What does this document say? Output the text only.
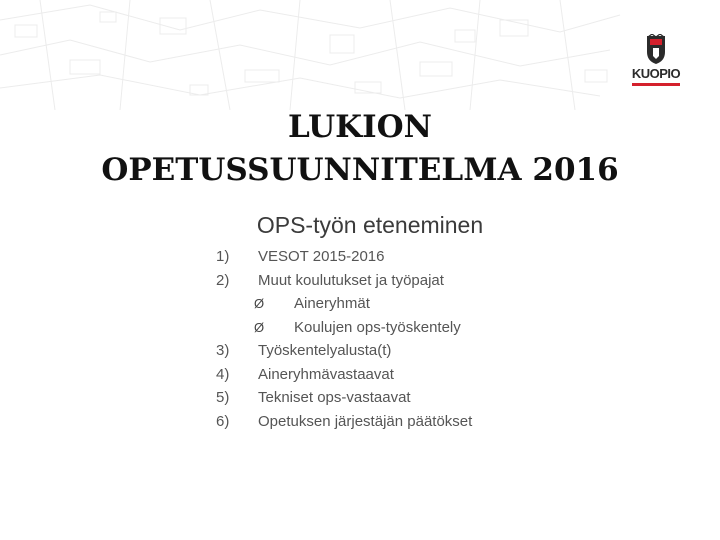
KUOPIO
LUKION
OPETUSSUUNNITELMA 2016
OPS-työn eteneminen
1) VESOT 2015-2016
2) Muut koulutukset ja työpajat
Ø Aineryhmät
Ø Koulujen ops-työskentely
3) Työskentelyalusta(t)
4) Aineryhmävastaavat
5) Tekniset ops-vastaavat
6) Opetuksen järjestäjän päätökset
